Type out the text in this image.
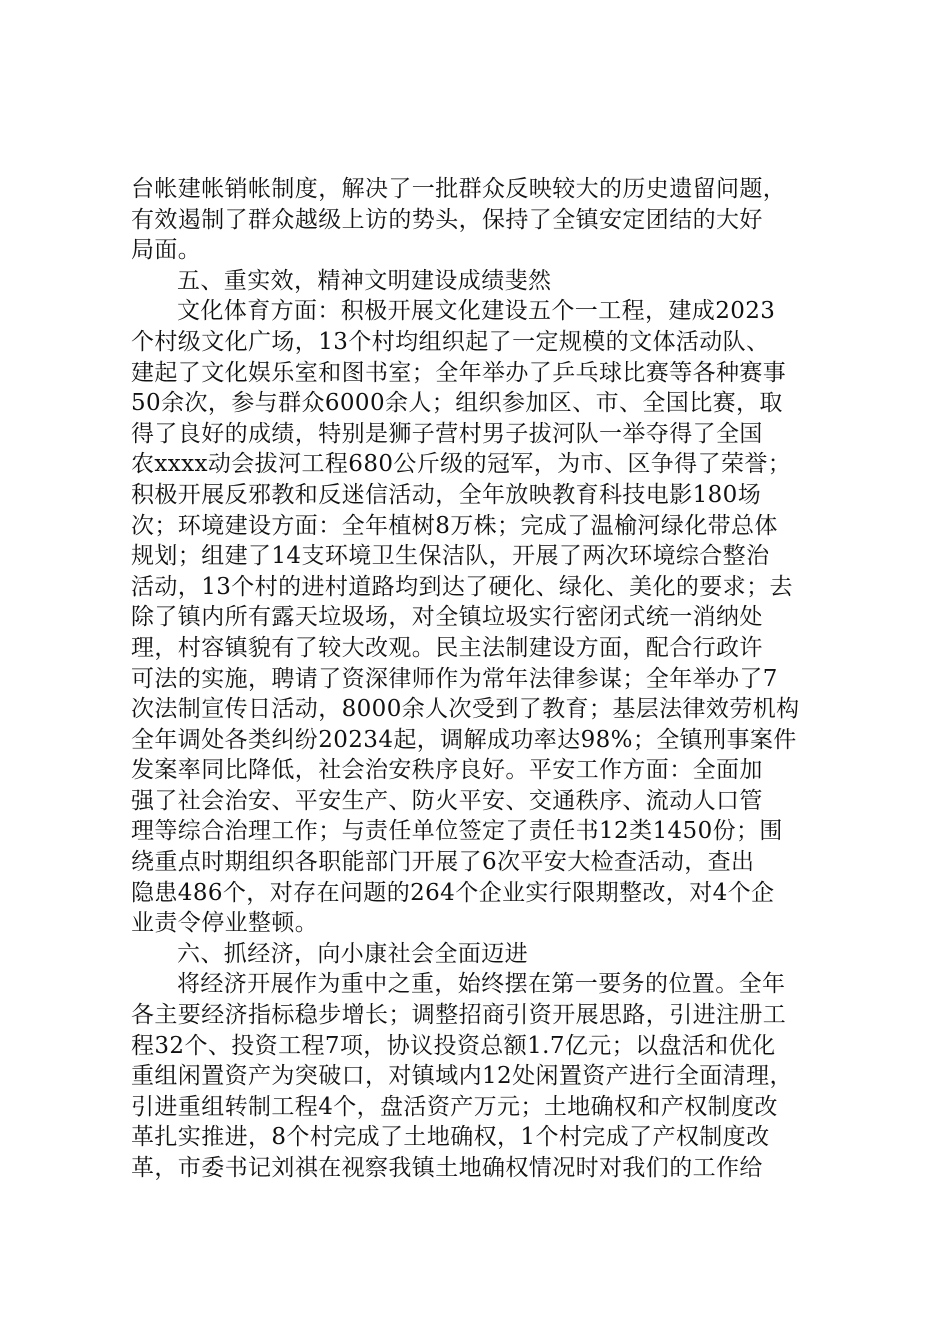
台帐建帐销帐制度，解决了一批群众反映较大的历史遗留问题，
有效遏制了群众越级上访的势头，保持了全镇安定团结的大好
局面。
五、重实效，精神文明建设成绩斐然
文化体育方面：积极开展文化建设五个一工程，建成2023
个村级文化广场，13个村均组织起了一定规模的文体活动队、
建起了文化娱乐室和图书室；全年举办了乒乓球比赛等各种赛事
50余次，参与群众6000余人；组织参加区、市、全国比赛，取
得了良好的成绩，特别是狮子营村男子拔河队一举夺得了全国
农xxxx动会拔河工程680公斤级的冠军，为市、区争得了荣誉；
积极开展反邪教和反迷信活动，全年放映教育科技电影180场
次；环境建设方面：全年植树8万株；完成了温榆河绿化带总体
规划；组建了14支环境卫生保洁队，开展了两次环境综合整治
活动，13个村的进村道路均到达了硬化、绿化、美化的要求；去
除了镇内所有露天垃圾场，对全镇垃圾实行密闭式统一消纳处
理，村容镇貌有了较大改观。民主法制建设方面，配合行政许
可法的实施，聘请了资深律师作为常年法律参谋；全年举办了7
次法制宣传日活动，8000余人次受到了教育；基层法律效劳机构
全年调处各类纠纷20234起，调解成功率达98%；全镇刑事案件
发案率同比降低，社会治安秩序良好。平安工作方面：全面加
强了社会治安、平安生产、防火平安、交通秩序、流动人口管
理等综合治理工作；与责任单位签定了责任书12类1450份；围
绕重点时期组织各职能部门开展了6次平安大检查活动，查出
隐患486个，对存在问题的264个企业实行限期整改，对4个企
业责令停业整顿。
六、抓经济，向小康社会全面迈进
将经济开展作为重中之重，始终摆在第一要务的位置。全年
各主要经济指标稳步增长；调整招商引资开展思路，引进注册工
程32个、投资工程7项，协议投资总额1.7亿元；以盘活和优化
重组闲置资产为突破口，对镇域内12处闲置资产进行全面清理，
引进重组转制工程4个，盘活资产万元；土地确权和产权制度改
革扎实推进，8个村完成了土地确权，1个村完成了产权制度改
革，市委书记刘祺在视察我镇土地确权情况时对我们的工作给
